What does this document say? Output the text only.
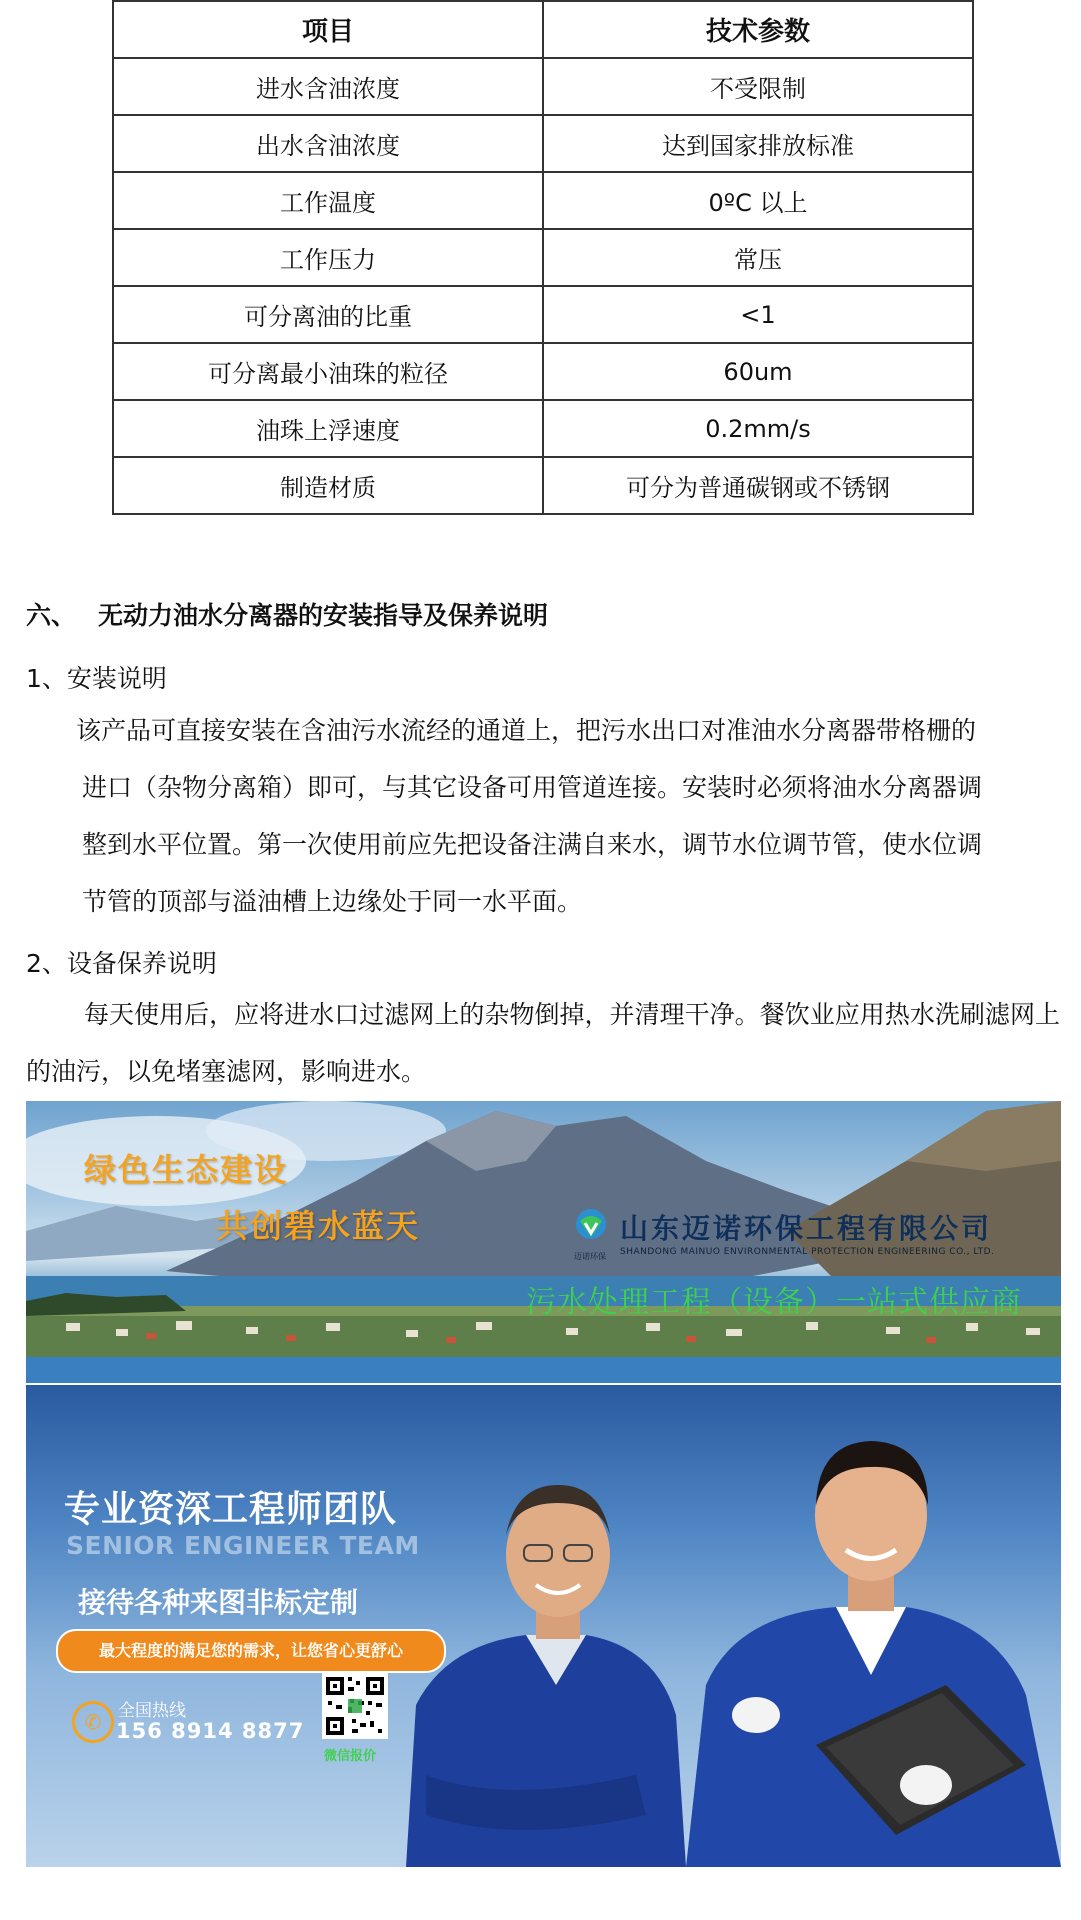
项目	技术参数
进水含油浓度	不受限制
出水含油浓度	达到国家排放标准
工作温度	0ºC 以上
工作压力	常压
可分离油的比重	<1
可分离最小油珠的粒径	60um
油珠上浮速度	0.2mm/s
制造材质	可分为普通碳钢或不锈钢
六、 无动力油水分离器的安装指导及保养说明
1、安装说明
该产品可直接安装在含油污水流经的通道上，把污水出口对准油水分离器带格栅的
进口（杂物分离箱）即可，与其它设备可用管道连接。安装时必须将油水分离器调
整到水平位置。第一次使用前应先把设备注满自来水，调节水位调节管，使水位调
节管的顶部与溢油槽上边缘处于同一水平面。
2、设备保养说明
每天使用后，应将进水口过滤网上的杂物倒掉，并清理干净。餐饮业应用热水洗刷滤网上的油污，以免堵塞滤网，影响进水。
绿色生态建设
共创碧水蓝天	山东迈诺环保工程有限公司
SHANDONG MAINUO ENVIRONMENTAL PROTECTION ENGINEERING CO., LTD.
迈诺环保
污水处理工程（设备）一站式供应商
专业资深工程师团队
SENIOR ENGINEER TEAM
接待各种来图非标定制
最大程度的满足您的需求，让您省心更舒心
✆ 全国热线
156 8914 8877
微信报价
